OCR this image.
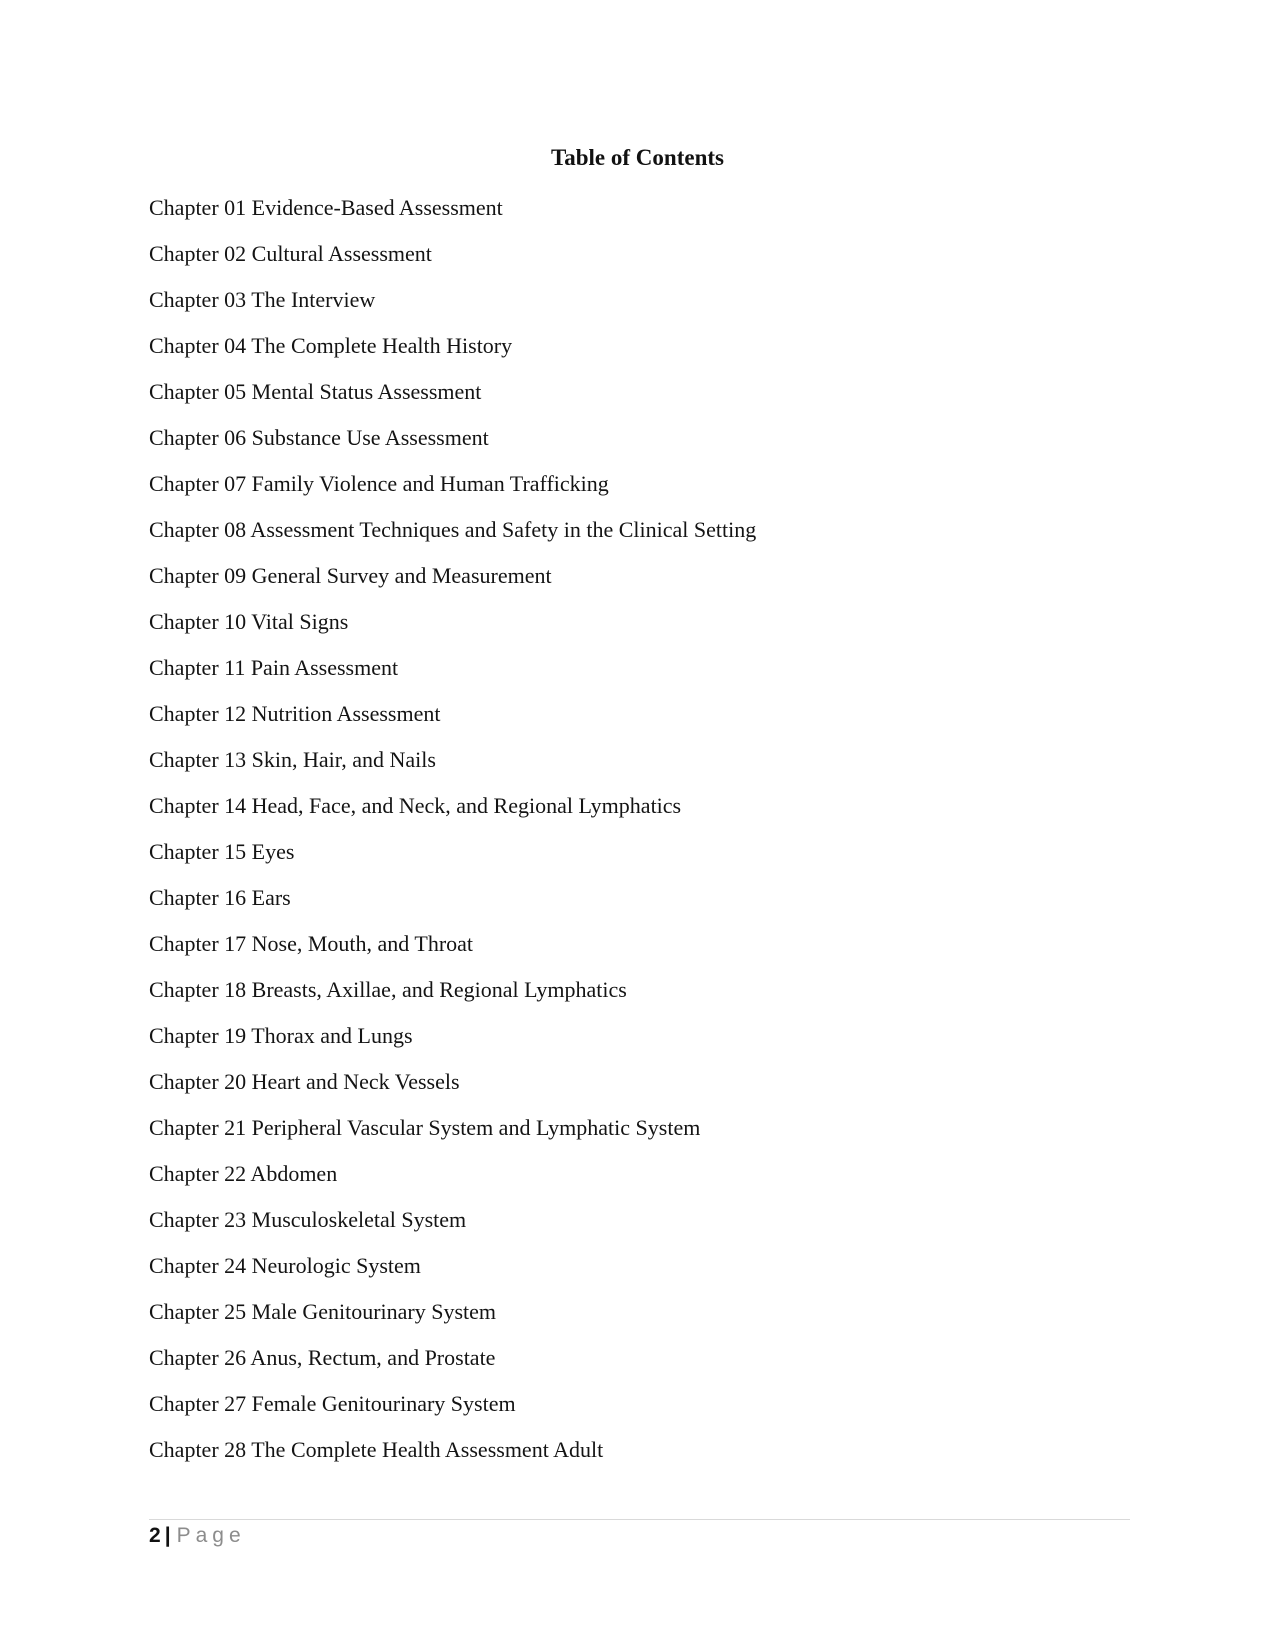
Table of Contents
Chapter 01 Evidence-Based Assessment
Chapter 02 Cultural Assessment
Chapter 03 The Interview
Chapter 04 The Complete Health History
Chapter 05 Mental Status Assessment
Chapter 06 Substance Use Assessment
Chapter 07 Family Violence and Human Trafficking
Chapter 08 Assessment Techniques and Safety in the Clinical Setting
Chapter 09 General Survey and Measurement
Chapter 10 Vital Signs
Chapter 11 Pain Assessment
Chapter 12 Nutrition Assessment
Chapter 13 Skin, Hair, and Nails
Chapter 14 Head, Face, and Neck, and Regional Lymphatics
Chapter 15 Eyes
Chapter 16 Ears
Chapter 17 Nose, Mouth, and Throat
Chapter 18 Breasts, Axillae, and Regional Lymphatics
Chapter 19 Thorax and Lungs
Chapter 20 Heart and Neck Vessels
Chapter 21 Peripheral Vascular System and Lymphatic System
Chapter 22 Abdomen
Chapter 23 Musculoskeletal System
Chapter 24 Neurologic System
Chapter 25 Male Genitourinary System
Chapter 26 Anus, Rectum, and Prostate
Chapter 27 Female Genitourinary System
Chapter 28 The Complete Health Assessment Adult
2 | Page
